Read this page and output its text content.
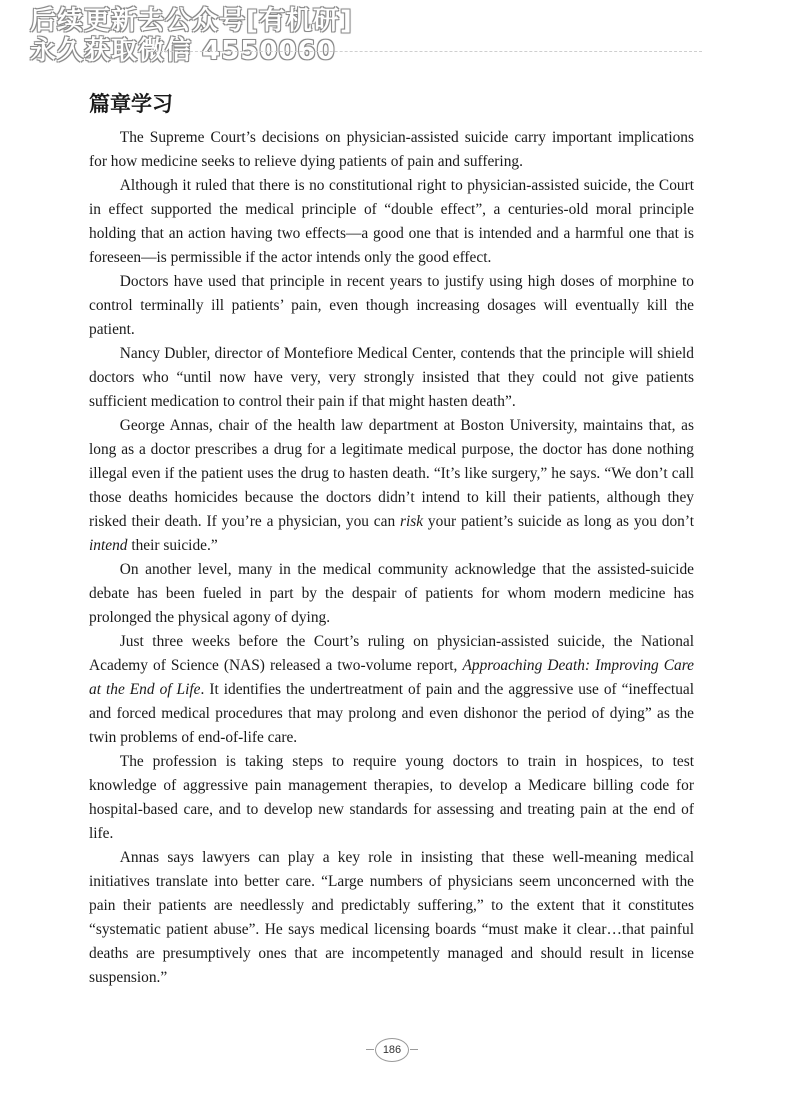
后续更新去公众号[有机研]
永久获取微信 4550060
篇章学习

The Supreme Court’s decisions on physician-assisted suicide carry important implications for how medicine seeks to relieve dying patients of pain and suffering.

Although it ruled that there is no constitutional right to physician-assisted suicide, the Court in effect supported the medical principle of “double effect”, a centuries-old moral principle holding that an action having two effects—a good one that is intended and a harmful one that is foreseen—is permissible if the actor intends only the good effect.

Doctors have used that principle in recent years to justify using high doses of morphine to control terminally ill patients’ pain, even though increasing dosages will eventually kill the patient.

Nancy Dubler, director of Montefiore Medical Center, contends that the principle will shield doctors who “until now have very, very strongly insisted that they could not give patients sufficient medication to control their pain if that might hasten death”.

George Annas, chair of the health law department at Boston University, maintains that, as long as a doctor prescribes a drug for a legitimate medical purpose, the doctor has done nothing illegal even if the patient uses the drug to hasten death. “It’s like surgery,” he says. “We don’t call those deaths homicides because the doctors didn’t intend to kill their patients, although they risked their death. If you’re a physician, you can risk your patient’s suicide as long as you don’t intend their suicide.”

On another level, many in the medical community acknowledge that the assisted-suicide debate has been fueled in part by the despair of patients for whom modern medicine has prolonged the physical agony of dying.

Just three weeks before the Court’s ruling on physician-assisted suicide, the National Academy of Science (NAS) released a two-volume report, Approaching Death: Improving Care at the End of Life. It identifies the undertreatment of pain and the aggressive use of “ineffectual and forced medical procedures that may prolong and even dishonor the period of dying” as the twin problems of end-of-life care.

The profession is taking steps to require young doctors to train in hospices, to test knowledge of aggressive pain management therapies, to develop a Medicare billing code for hospital-based care, and to develop new standards for assessing and treating pain at the end of life.

Annas says lawyers can play a key role in insisting that these well-meaning medical initiatives translate into better care. “Large numbers of physicians seem unconcerned with the pain their patients are needlessly and predictably suffering,” to the extent that it constitutes “systematic patient abuse”. He says medical licensing boards “must make it clear…that painful deaths are presumptively ones that are incompetently managed and should result in license suspension.”

186
